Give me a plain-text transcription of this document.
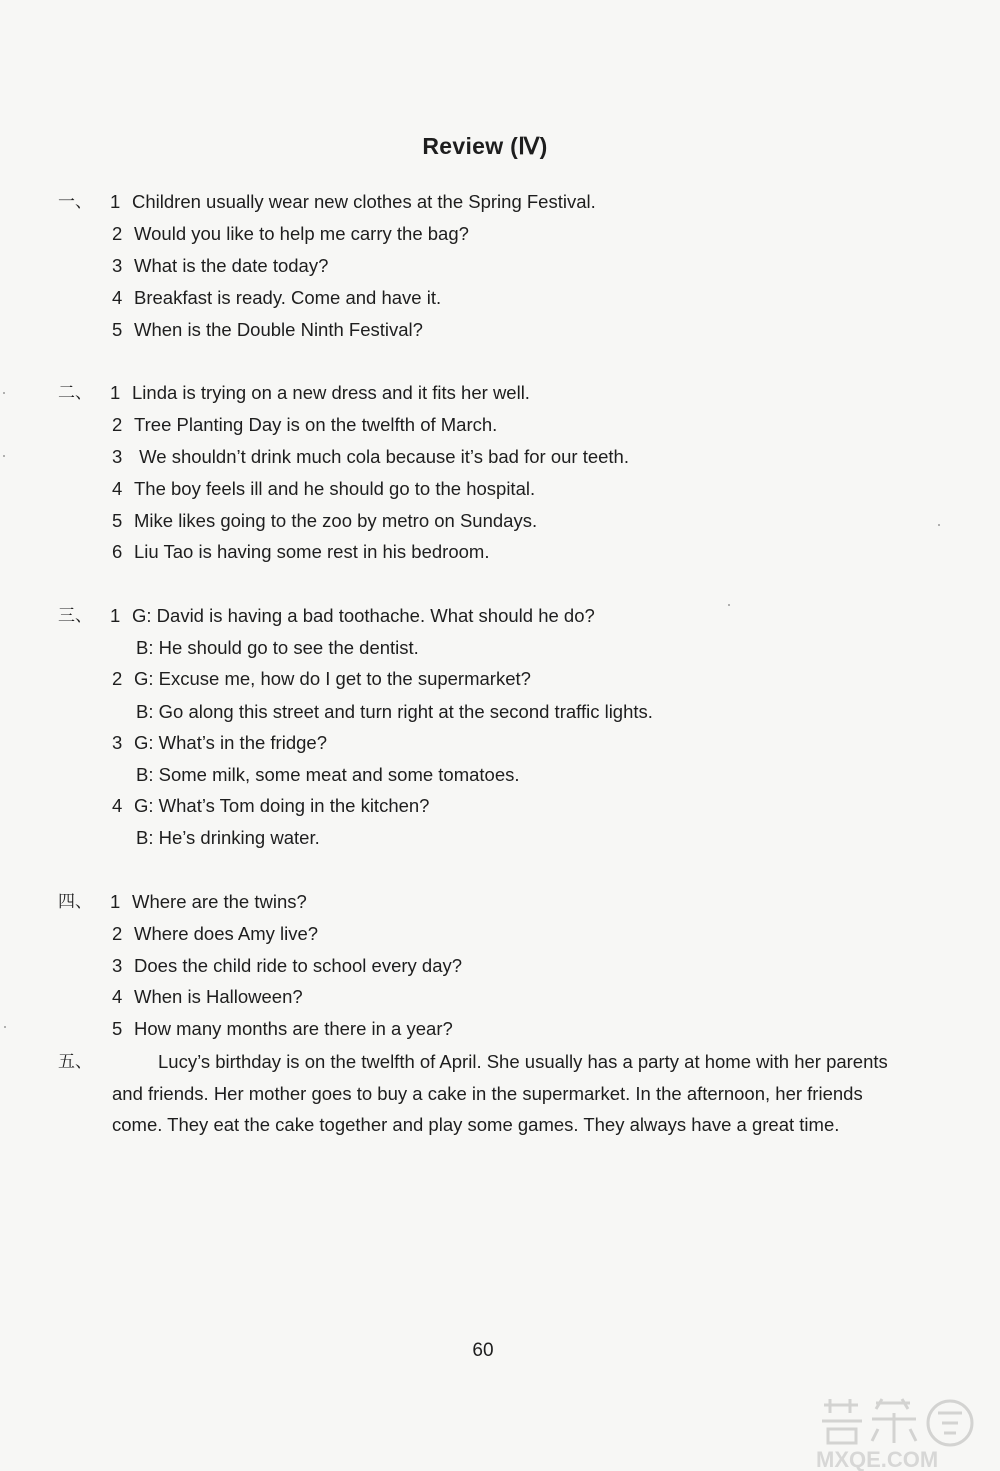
Review (Ⅳ)
一、 1 Children usually wear new clothes at the Spring Festival.
2 Would you like to help me carry the bag?
3 What is the date today?
4 Breakfast is ready. Come and have it.
5 When is the Double Ninth Festival?
二、 1 Linda is trying on a new dress and it fits her well.
2 Tree Planting Day is on the twelfth of March.
3 We shouldn’t drink much cola because it’s bad for our teeth.
4 The boy feels ill and he should go to the hospital.
5 Mike likes going to the zoo by metro on Sundays.
6 Liu Tao is having some rest in his bedroom.
三、 1 G: David is having a bad toothache. What should he do?
B: He should go to see the dentist.
2 G: Excuse me, how do I get to the supermarket?
B: Go along this street and turn right at the second traffic lights.
3 G: What’s in the fridge?
B: Some milk, some meat and some tomatoes.
4 G: What’s Tom doing in the kitchen?
B: He’s drinking water.
四、 1 Where are the twins?
2 Where does Amy live?
3 Does the child ride to school every day?
4 When is Halloween?
5 How many months are there in a year?
五、	Lucy’s birthday is on the twelfth of April. She usually has a party at home with her parents and friends. Her mother goes to buy a cake in the supermarket. In the afternoon, her friends come. They eat the cake together and play some games. They always have a great time.
60
MXQE.COM
